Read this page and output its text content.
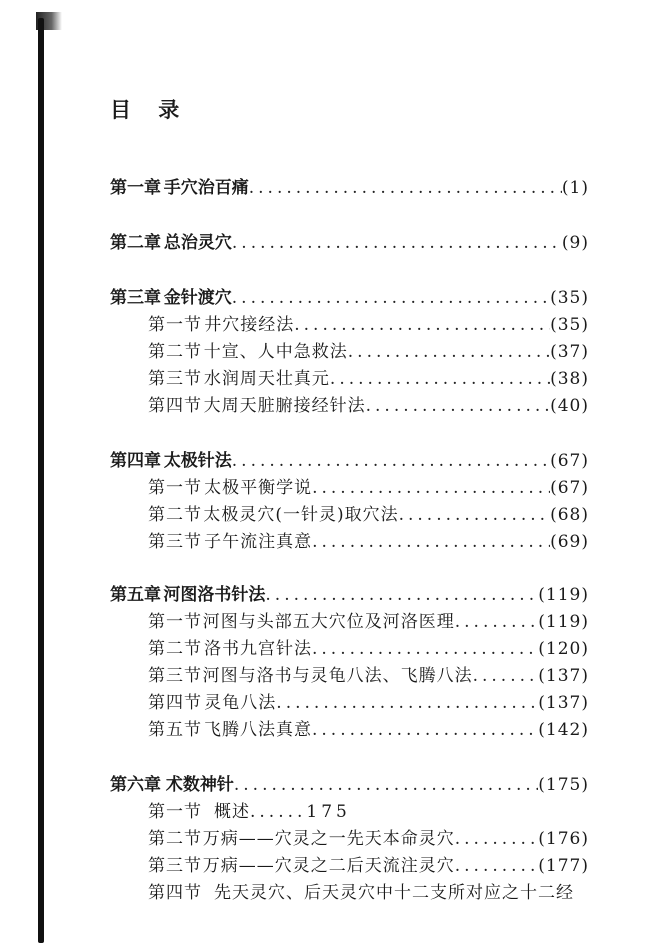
目 录
第一章 手穴治百痛 .....	(1)
第二章 总治灵穴 .....	(9)
第三章 金针渡穴 .....	(35)
第一节 井穴接经法 .....	(35)
第二节 十宣、人中急救法 .....	(37)
第三节 水润周天壮真元 .....	(38)
第四节 大周天脏腑接经针法 .....	(40)
第四章 太极针法 .....	(67)
第一节 太极平衡学说 .....	(67)
第二节 太极灵穴(一针灵)取穴法 .....	(68)
第三节 子午流注真意 .....	(69)
第五章 河图洛书针法 .....	(119)
第一节 河图与头部五大穴位及河洛医理 .....	(119)
第二节 洛书九宫针法 .....	(120)
第三节 河图与洛书与灵龟八法、飞腾八法 .....	(137)
第四节 灵龟八法 .....	(137)
第五节 飞腾八法真意 .....	(142)
第六章 术数神针 .....	(175)
第一节 概述 ......175
第二节 万病——穴灵之一先天本命灵穴 .....	(176)
第三节 万病——穴灵之二后天流注灵穴 .....	(177)
第四节 先天灵穴、后天灵穴中十二支所对应之十二经
